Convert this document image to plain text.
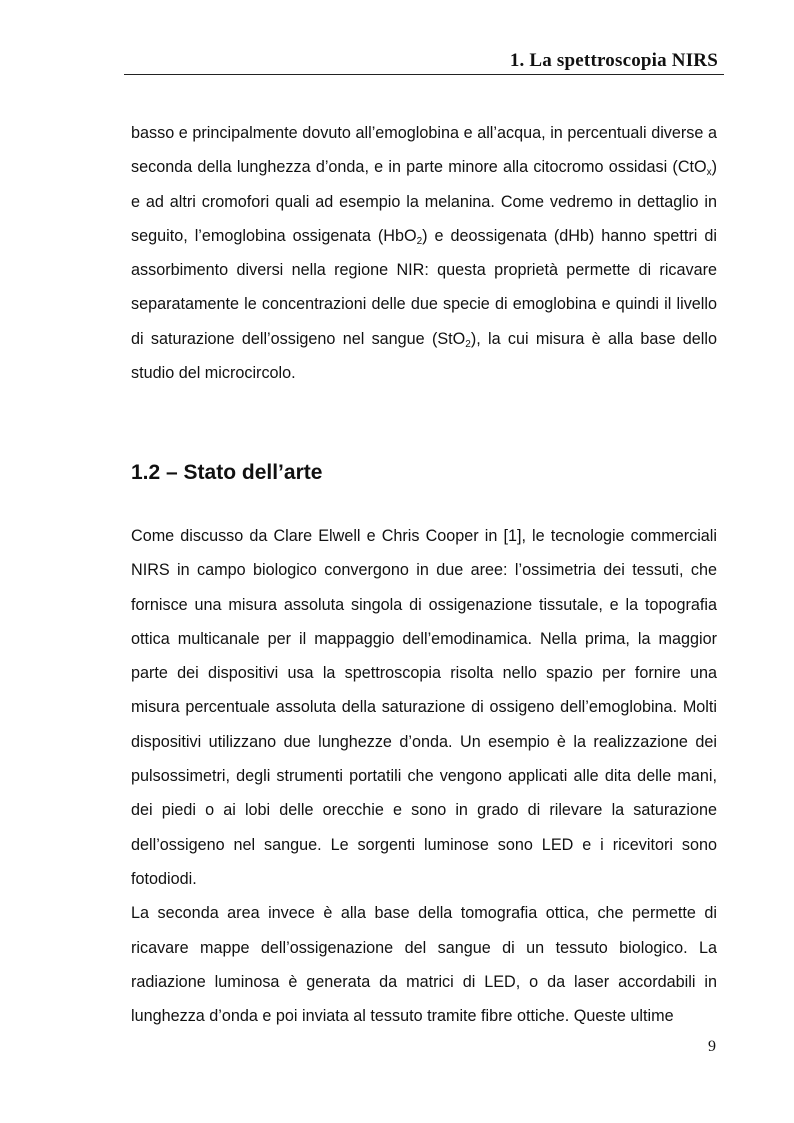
1. La spettroscopia NIRS

basso e principalmente dovuto all’emoglobina e all’acqua, in percentuali diverse a seconda della lunghezza d’onda, e in parte minore alla citocromo ossidasi (CtO$_x$) e ad altri cromofori quali ad esempio la melanina. Come vedremo in dettaglio in seguito, l’emoglobina ossigenata (HbO$_2$) e deossigenata (dHb) hanno spettri di assorbimento diversi nella regione NIR: questa proprietà permette di ricavare separatamente le concentrazioni delle due specie di emoglobina e quindi il livello di saturazione dell’ossigeno nel sangue (StO$_2$), la cui misura è alla base dello studio del microcircolo.

1.2 – Stato dell’arte

Come discusso da Clare Elwell e Chris Cooper in [1], le tecnologie commerciali NIRS in campo biologico convergono in due aree: l’ossimetria dei tessuti, che fornisce una misura assoluta singola di ossigenazione tissutale, e la topografia ottica multicanale per il mappaggio dell’emodinamica. Nella prima, la maggior parte dei dispositivi usa la spettroscopia risolta nello spazio per fornire una misura percentuale assoluta della saturazione di ossigeno dell’emoglobina. Molti dispositivi utilizzano due lunghezze d’onda. Un esempio è la realizzazione dei pulsossimetri, degli strumenti portatili che vengono applicati alle dita delle mani, dei piedi o ai lobi delle orecchie e sono in grado di rilevare la saturazione dell’ossigeno nel sangue. Le sorgenti luminose sono LED e i ricevitori sono fotodiodi.

La seconda area invece è alla base della tomografia ottica, che permette di ricavare mappe dell’ossigenazione del sangue di un tessuto biologico. La radiazione luminosa è generata da matrici di LED, o da laser accordabili in lunghezza d’onda e poi inviata al tessuto tramite fibre ottiche. Queste ultime

9
